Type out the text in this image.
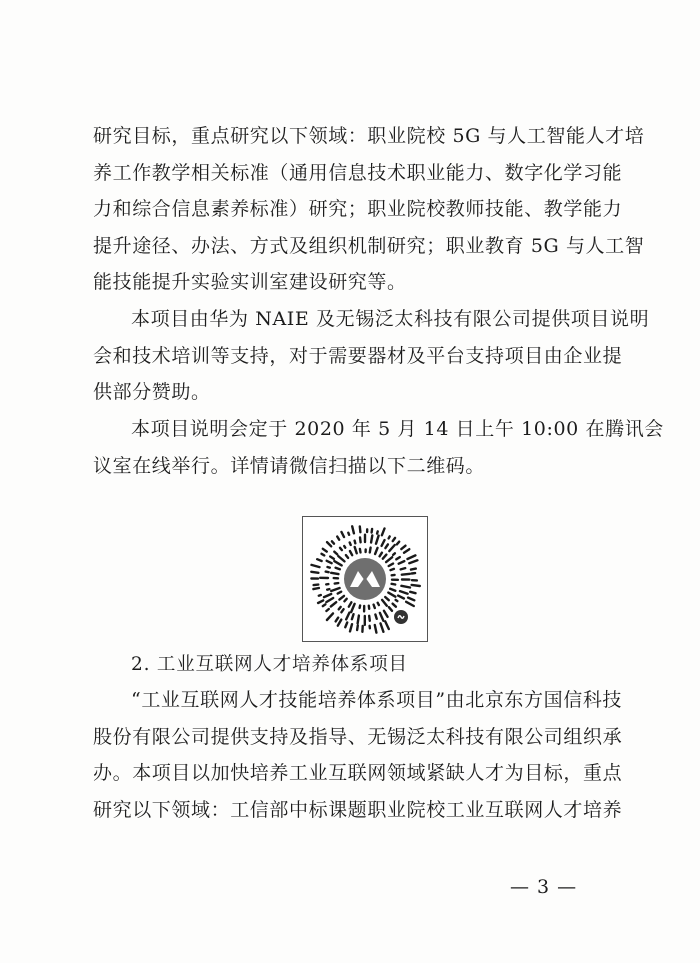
研究目标，重点研究以下领域：职业院校 5G 与人工智能人才培
养工作教学相关标准（通用信息技术职业能力、数字化学习能
力和综合信息素养标准）研究；职业院校教师技能、教学能力
提升途径、办法、方式及组织机制研究；职业教育 5G 与人工智
能技能提升实验实训室建设研究等。

本项目由华为 NAIE 及无锡泛太科技有限公司提供项目说明
会和技术培训等支持，对于需要器材及平台支持项目由企业提
供部分赞助。

本项目说明会定于 2020 年 5 月 14 日上午 10:00 在腾讯会
议室在线举行。详情请微信扫描以下二维码。

2. 工业互联网人才培养体系项目

“工业互联网人才技能培养体系项目”由北京东方国信科技
股份有限公司提供支持及指导、无锡泛太科技有限公司组织承
办。本项目以加快培养工业互联网领域紧缺人才为目标，重点
研究以下领域：工信部中标课题职业院校工业互联网人才培养

— 3 —
